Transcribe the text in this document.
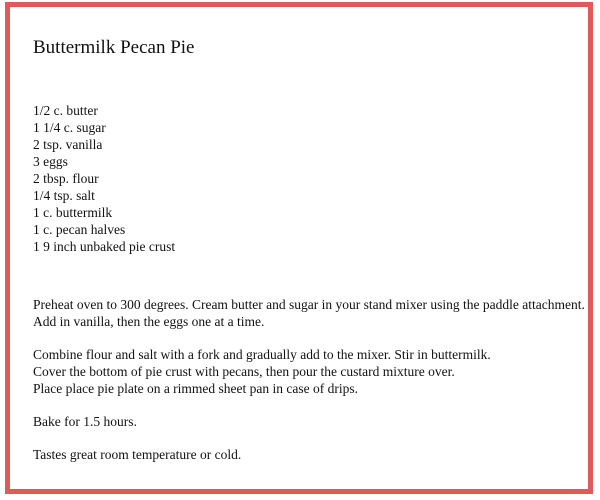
Buttermilk Pecan Pie
1/2 c. butter
1 1/4 c. sugar
2 tsp. vanilla
3 eggs
2 tbsp. flour
1/4 tsp. salt
1 c. buttermilk
1 c. pecan halves
1 9 inch unbaked pie crust

Preheat oven to 300 degrees. Cream butter and sugar in your stand mixer using the paddle attachment.
Add in vanilla, then the eggs one at a time.

Combine flour and salt with a fork and gradually add to the mixer. Stir in buttermilk.
Cover the bottom of pie crust with pecans, then pour the custard mixture over.
Place place pie plate on a rimmed sheet pan in case of drips.

Bake for 1.5 hours.

Tastes great room temperature or cold.
